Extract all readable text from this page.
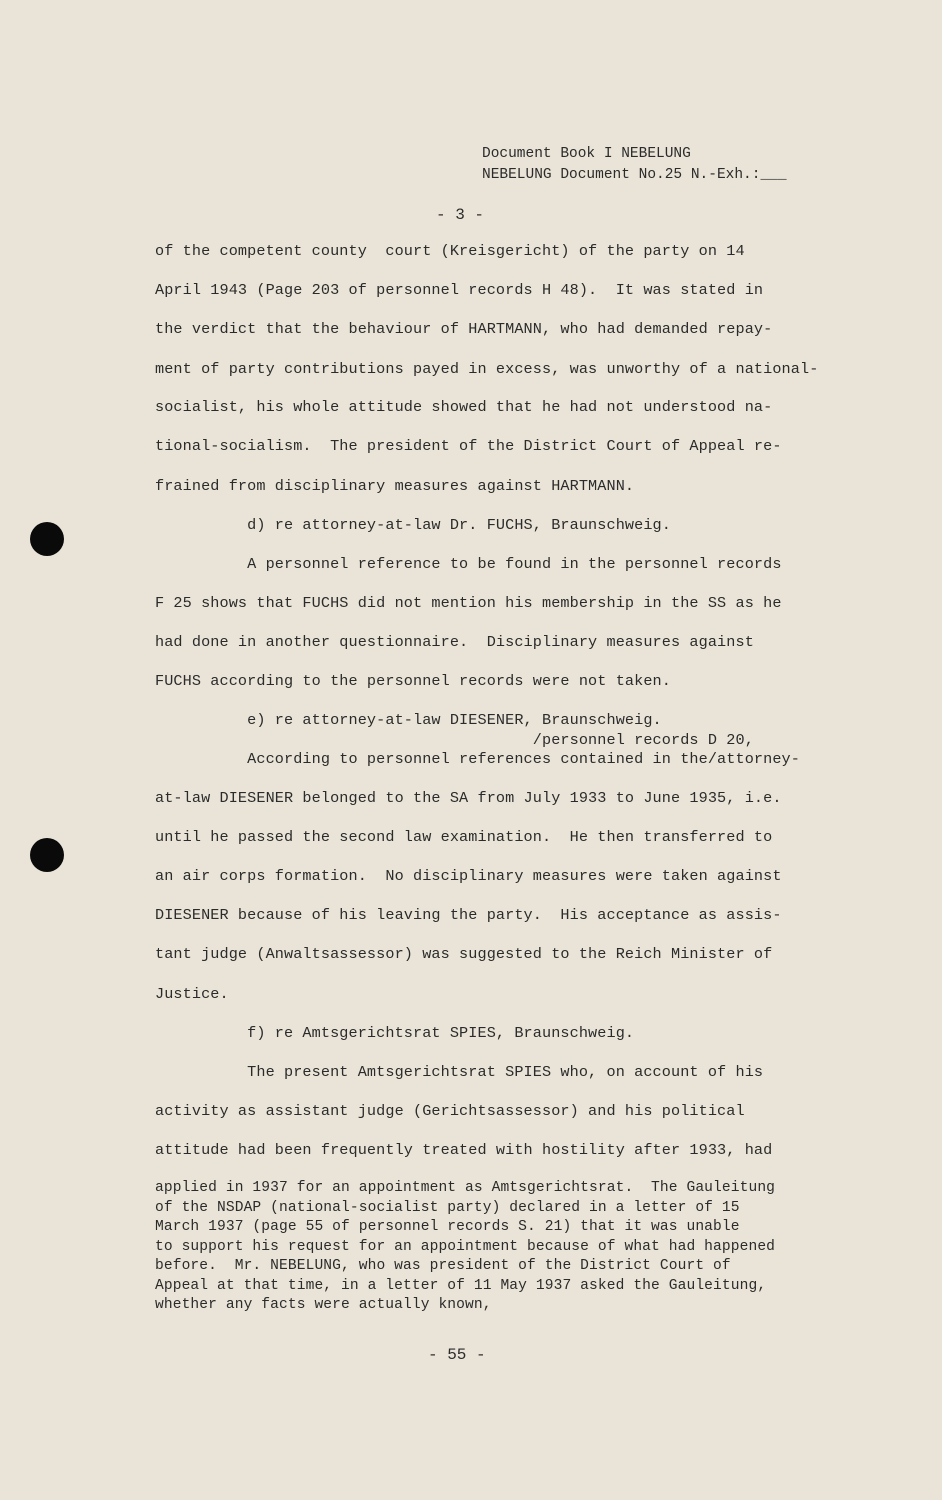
Document Book I NEBELUNG
NEBELUNG Document No.25 N.-Exh.:___
- 3 -
of the competent county  court (Kreisgericht) of the party on 14
April 1943 (Page 203 of personnel records H 48).  It was stated in
the verdict that the behaviour of HARTMANN, who had demanded repay-
ment of party contributions payed in excess, was unworthy of a national-
socialist, his whole attitude showed that he had not understood na-
tional-socialism.  The president of the District Court of Appeal re-
frained from disciplinary measures against HARTMANN.
d) re attorney-at-law Dr. FUCHS, Braunschweig.
A personnel reference to be found in the personnel records
F 25 shows that FUCHS did not mention his membership in the SS as he
had done in another questionnaire.  Disciplinary measures against
FUCHS according to the personnel records were not taken.
e) re attorney-at-law DIESENER, Braunschweig.
/personnel records D 20,
According to personnel references contained in the/attorney-
at-law DIESENER belonged to the SA from July 1933 to June 1935, i.e.
until he passed the second law examination.  He then transferred to
an air corps formation.  No disciplinary measures were taken against
DIESENER because of his leaving the party.  His acceptance as assis-
tant judge (Anwaltsassessor) was suggested to the Reich Minister of
Justice.
f) re Amtsgerichtsrat SPIES, Braunschweig.
The present Amtsgerichtsrat SPIES who, on account of his
activity as assistant judge (Gerichtsassessor) and his political
attitude had been frequently treated with hostility after 1933, had
applied in 1937 for an appointment as Amtsgerichtsrat.  The Gauleitung
of the NSDAP (national-socialist party) declared in a letter of 15
March 1937 (page 55 of personnel records S. 21) that it was unable
to support his request for an appointment because of what had happened
before.  Mr. NEBELUNG, who was president of the District Court of
Appeal at that time, in a letter of 11 May 1937 asked the Gauleitung,
whether any facts were actually known,
- 55 -
